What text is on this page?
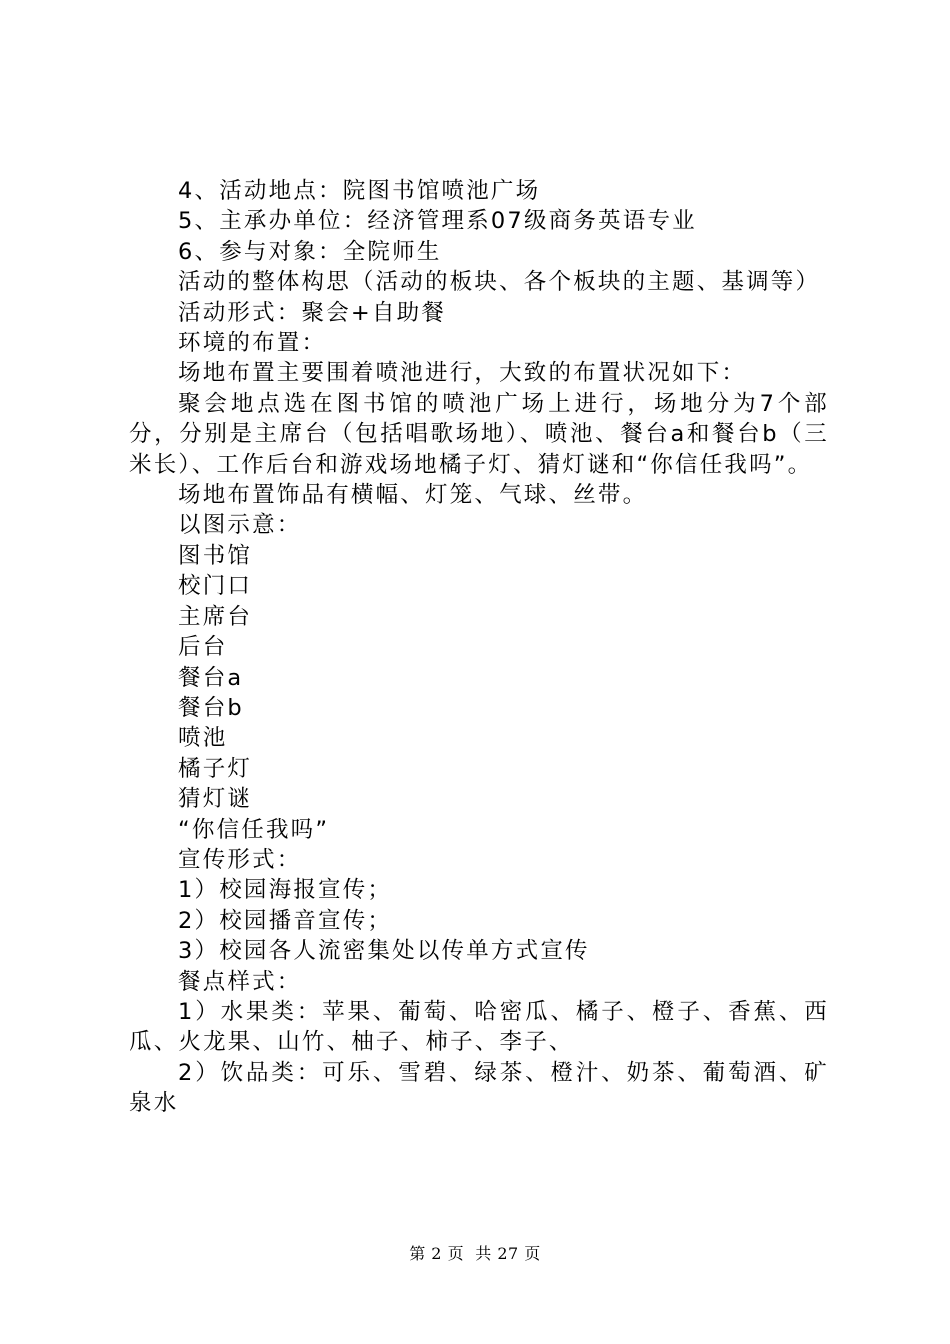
4、活动地点：院图书馆喷池广场

5、主承办单位：经济管理系07级商务英语专业

6、参与对象：全院师生

活动的整体构思（活动的板块、各个板块的主题、基调等）

活动形式：聚会+自助餐

环境的布置：

场地布置主要围着喷池进行，大致的布置状况如下：

聚会地点选在图书馆的喷池广场上进行，场地分为7个部分，分别是主席台（包括唱歌场地）、喷池、餐台a和餐台b（三米长）、工作后台和游戏场地橘子灯、猜灯谜和“你信任我吗”。

场地布置饰品有横幅、灯笼、气球、丝带。

以图示意：

图书馆

校门口

主席台

后台

餐台a

餐台b

喷池

橘子灯

猜灯谜

“你信任我吗”

宣传形式：

1）校园海报宣传；

2）校园播音宣传；

3）校园各人流密集处以传单方式宣传

餐点样式：

1）水果类：苹果、葡萄、哈密瓜、橘子、橙子、香蕉、西瓜、火龙果、山竹、柚子、柿子、李子、

2）饮品类：可乐、雪碧、绿茶、橙汁、奶茶、葡萄酒、矿泉水

第 2 页  共 27 页
